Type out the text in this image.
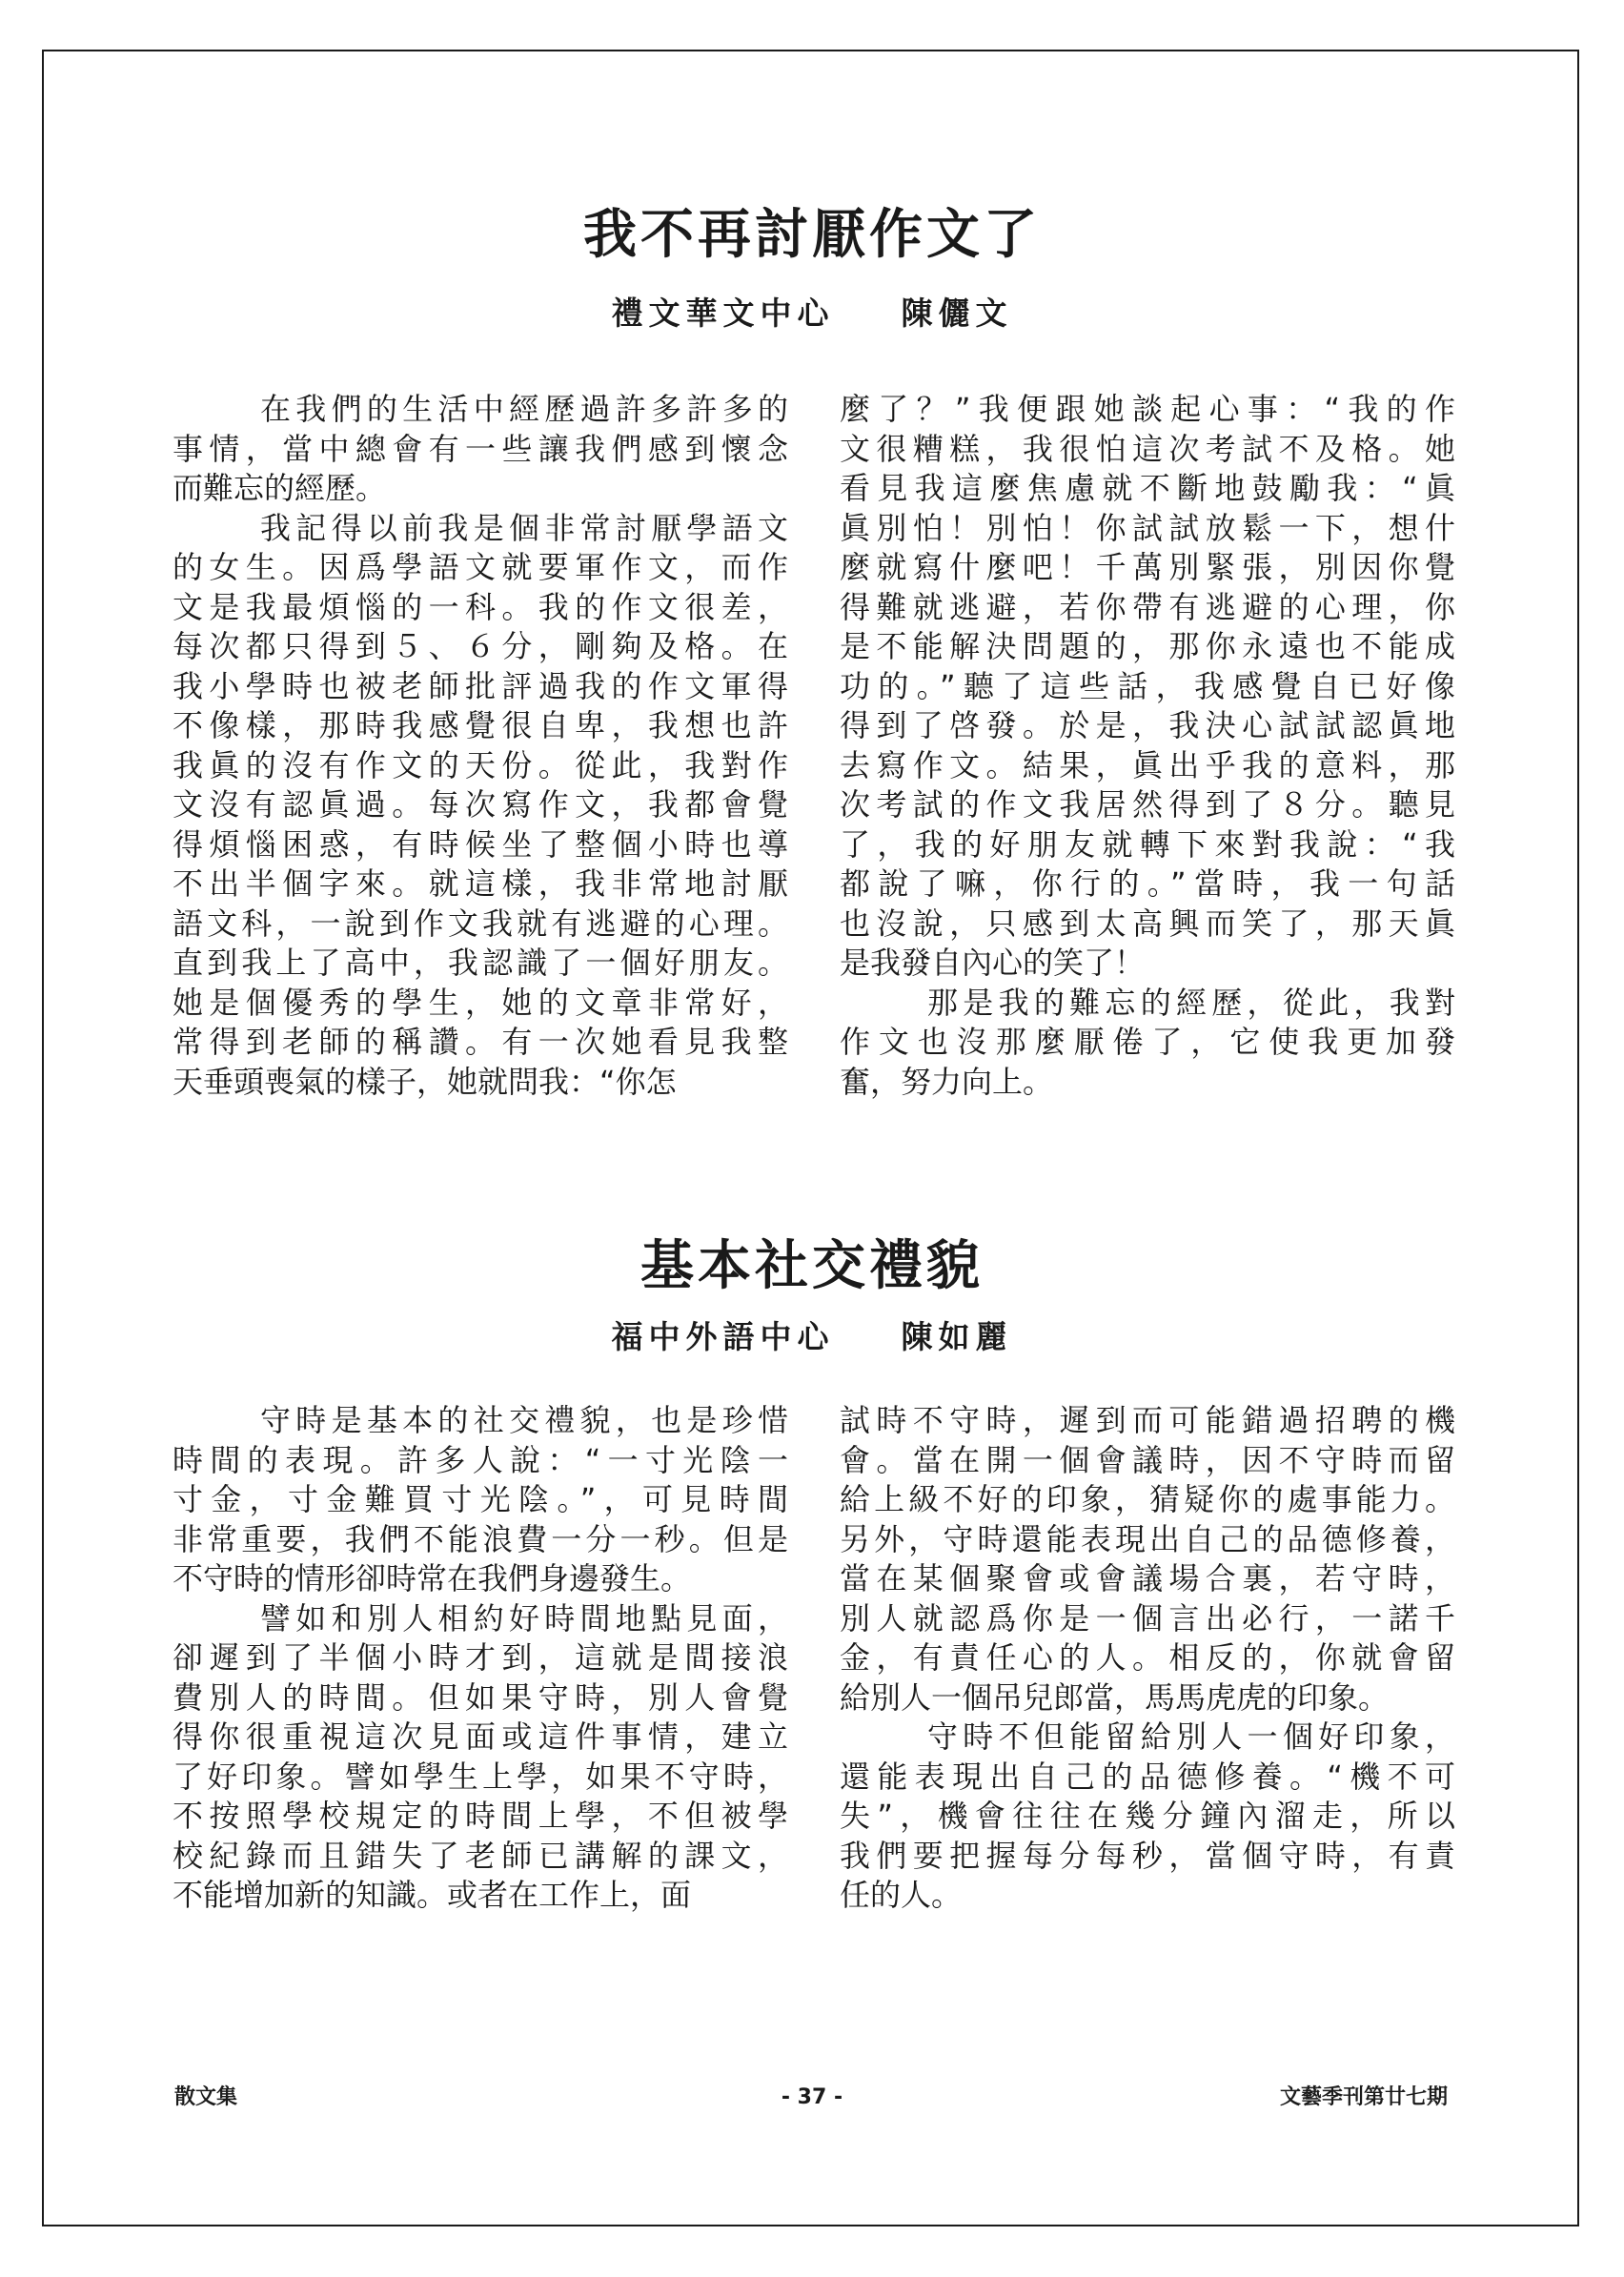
我不再討厭作文了
禮文華文中心 陳儷文
在我們的生活中經歷過許多許多的
事情，當中總會有一些讓我們感到懷念
而難忘的經歷。
我記得以前我是個非常討厭學語文
的女生。因爲學語文就要軍作文，而作
文是我最煩惱的一科。我的作文很差，
每次都只得到５、６分，剛夠及格。在
我小學時也被老師批評過我的作文軍得
不像樣，那時我感覺很自卑，我想也許
我眞的沒有作文的天份。從此，我對作
文沒有認眞過。每次寫作文，我都會覺
得煩惱困惑，有時候坐了整個小時也導
不出半個字來。就這樣，我非常地討厭
語文科，一說到作文我就有逃避的心理。
直到我上了高中，我認識了一個好朋友。
她是個優秀的學生，她的文章非常好，
常得到老師的稱讚。有一次她看見我整
天垂頭喪氣的樣子，她就問我：“你怎
麼了？”我便跟她談起心事：“我的作
文很糟糕，我很怕這次考試不及格。她
看見我這麼焦慮就不斷地鼓勵我：“眞
眞別怕！別怕！你試試放鬆一下，想什
麼就寫什麼吧！千萬別緊張，別因你覺
得難就逃避，若你帶有逃避的心理，你
是不能解決問題的，那你永遠也不能成
功的。”聽了這些話，我感覺自已好像
得到了啓發。於是，我決心試試認眞地
去寫作文。結果，眞出乎我的意料，那
次考試的作文我居然得到了８分。聽見
了，我的好朋友就轉下來對我說：“我
都說了嘛，你行的。”當時，我一句話
也沒說，只感到太高興而笑了，那天眞
是我發自內心的笑了！
那是我的難忘的經歷，從此，我對
作文也沒那麼厭倦了，它使我更加發
奮，努力向上。
基本社交禮貌
福中外語中心 陳如麗
守時是基本的社交禮貌，也是珍惜
時間的表現。許多人說：“一寸光陰一
寸金，寸金難買寸光陰。”，可見時間
非常重要，我們不能浪費一分一秒。但是
不守時的情形卻時常在我們身邊發生。
譬如和別人相約好時間地點見面，
卻遲到了半個小時才到，這就是間接浪
費別人的時間。但如果守時，別人會覺
得你很重視這次見面或這件事情，建立
了好印象。譬如學生上學，如果不守時，
不按照學校規定的時間上學，不但被學
校紀錄而且錯失了老師已講解的課文，
不能增加新的知識。或者在工作上，面
試時不守時，遲到而可能錯過招聘的機
會。當在開一個會議時，因不守時而留
給上級不好的印象，猜疑你的處事能力。
另外，守時還能表現出自己的品德修養，
當在某個聚會或會議場合裏，若守時，
別人就認爲你是一個言出必行，一諾千
金，有責任心的人。相反的，你就會留
給別人一個吊兒郎當，馬馬虎虎的印象。
守時不但能留給別人一個好印象，
還能表現出自己的品德修養。“機不可
失”，機會往往在幾分鐘內溜走，所以
我們要把握每分每秒，當個守時，有責
任的人。
散文集	- 37 -	文藝季刊第廿七期
